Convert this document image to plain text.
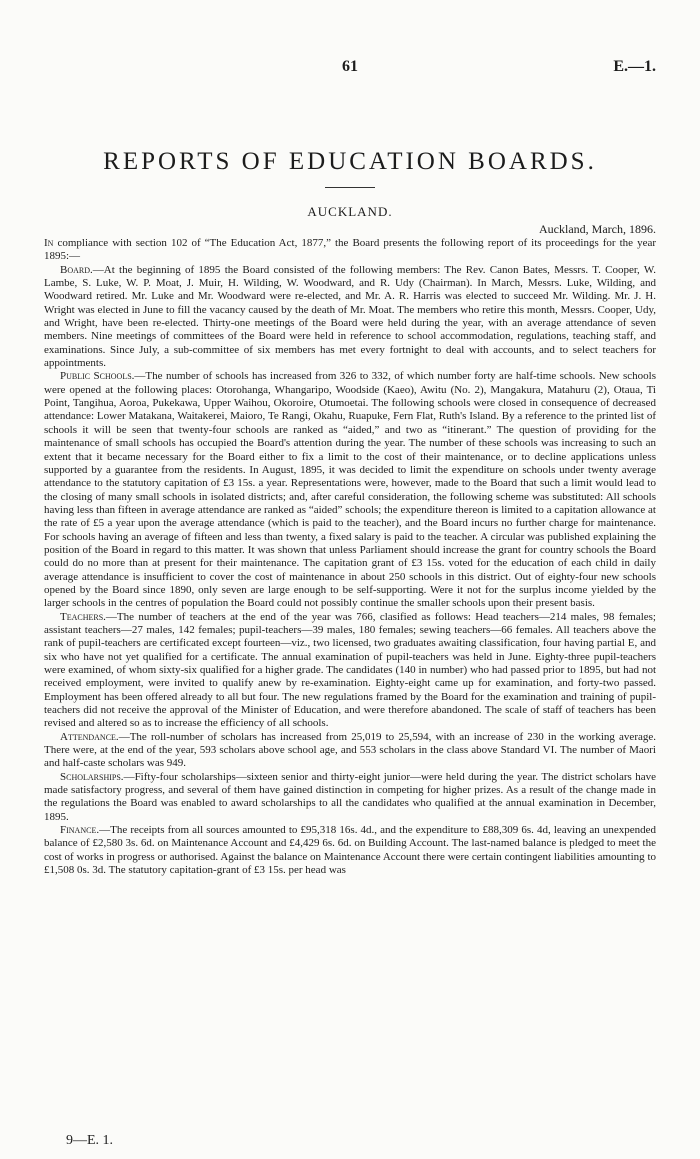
61	E.—1.
REPORTS OF EDUCATION BOARDS.
AUCKLAND.
Auckland, March, 1896.

In compliance with section 102 of “The Education Act, 1877,” the Board presents the following report of its proceedings for the year 1895:—

Board.—At the beginning of 1895 the Board consisted of the following members: The Rev. Canon Bates, Messrs. T. Cooper, W. Lambe, S. Luke, W. P. Moat, J. Muir, H. Wilding, W. Woodward, and R. Udy (Chairman). In March, Messrs. Luke, Wilding, and Woodward retired. Mr. Luke and Mr. Woodward were re-elected, and Mr. A. R. Harris was elected to succeed Mr. Wilding. Mr. J. H. Wright was elected in June to fill the vacancy caused by the death of Mr. Moat. The members who retire this month, Messrs. Cooper, Udy, and Wright, have been re-elected. Thirty-one meetings of the Board were held during the year, with an average attendance of seven members. Nine meetings of committees of the Board were held in reference to school accommodation, regulations, teaching staff, and examinations. Since July, a sub-committee of six members has met every fortnight to deal with accounts, and to select teachers for appointments.

Public Schools.—The number of schools has increased from 326 to 332, of which number forty are half-time schools. New schools were opened at the following places: Otorohanga, Whangaripo, Woodside (Kaeo), Awitu (No. 2), Mangakura, Matahuru (2), Otaua, Ti Point, Tangihua, Aoroa, Pukekawa, Upper Waihou, Okoroire, Otumoetai. The following schools were closed in consequence of decreased attendance: Lower Matakana, Waitakerei, Maioro, Te Rangi, Okahu, Ruapuke, Fern Flat, Ruth's Island. By a reference to the printed list of schools it will be seen that twenty-four schools are ranked as “aided,” and two as “itinerant.” The question of providing for the maintenance of small schools has occupied the Board's attention during the year. The number of these schools was increasing to such an extent that it became necessary for the Board either to fix a limit to the cost of their maintenance, or to decline applications unless supported by a guarantee from the residents. In August, 1895, it was decided to limit the expenditure on schools under twenty average attendance to the statutory capitation of £3 15s. a year. Representations were, however, made to the Board that such a limit would lead to the closing of many small schools in isolated districts; and, after careful consideration, the following scheme was substituted: All schools having less than fifteen in average attendance are ranked as “aided” schools; the expenditure thereon is limited to a capitation allowance at the rate of £5 a year upon the average attendance (which is paid to the teacher), and the Board incurs no further charge for maintenance. For schools having an average of fifteen and less than twenty, a fixed salary is paid to the teacher. A circular was published explaining the position of the Board in regard to this matter. It was shown that unless Parliament should increase the grant for country schools the Board could do no more than at present for their maintenance. The capitation grant of £3 15s. voted for the education of each child in daily average attendance is insufficient to cover the cost of maintenance in about 250 schools in this district. Out of eighty-four new schools opened by the Board since 1890, only seven are large enough to be self-supporting. Were it not for the surplus income yielded by the larger schools in the centres of population the Board could not possibly continue the smaller schools upon their present basis.

Teachers.—The number of teachers at the end of the year was 766, clasified as follows: Head teachers—214 males, 98 females; assistant teachers—27 males, 142 females; pupil-teachers—39 males, 180 females; sewing teachers—66 females. All teachers above the rank of pupil-teachers are certificated except fourteen—viz., two licensed, two graduates awaiting classification, four having partial E, and six who have not yet qualified for a certificate. The annual examination of pupil-teachers was held in June. Eighty-three pupil-teachers were examined, of whom sixty-six qualified for a higher grade. The candidates (140 in number) who had passed prior to 1895, but had not received employment, were invited to qualify anew by re-examination. Eighty-eight came up for examination, and forty-two passed. Employment has been offered already to all but four. The new regulations framed by the Board for the examination and training of pupil-teachers did not receive the approval of the Minister of Education, and were therefore abandoned. The scale of staff of teachers has been revised and altered so as to increase the efficiency of all schools.

Attendance.—The roll-number of scholars has increased from 25,019 to 25,594, with an increase of 230 in the working average. There were, at the end of the year, 593 scholars above school age, and 553 scholars in the class above Standard VI. The number of Maori and half-caste scholars was 949.

Scholarships.—Fifty-four scholarships—sixteen senior and thirty-eight junior—were held during the year. The district scholars have made satisfactory progress, and several of them have gained distinction in competing for higher prizes. As a result of the change made in the regulations the Board was enabled to award scholarships to all the candidates who qualified at the annual examination in December, 1895.

Finance.—The receipts from all sources amounted to £95,318 16s. 4d., and the expenditure to £88,309 6s. 4d, leaving an unexpended balance of £2,580 3s. 6d. on Maintenance Account and £4,429 6s. 6d. on Building Account. The last-named balance is pledged to meet the cost of works in progress or authorised. Against the balance on Maintenance Account there were certain contingent liabilities amounting to £1,508 0s. 3d. The statutory capitation-grant of £3 15s. per head was

9—E. 1.
